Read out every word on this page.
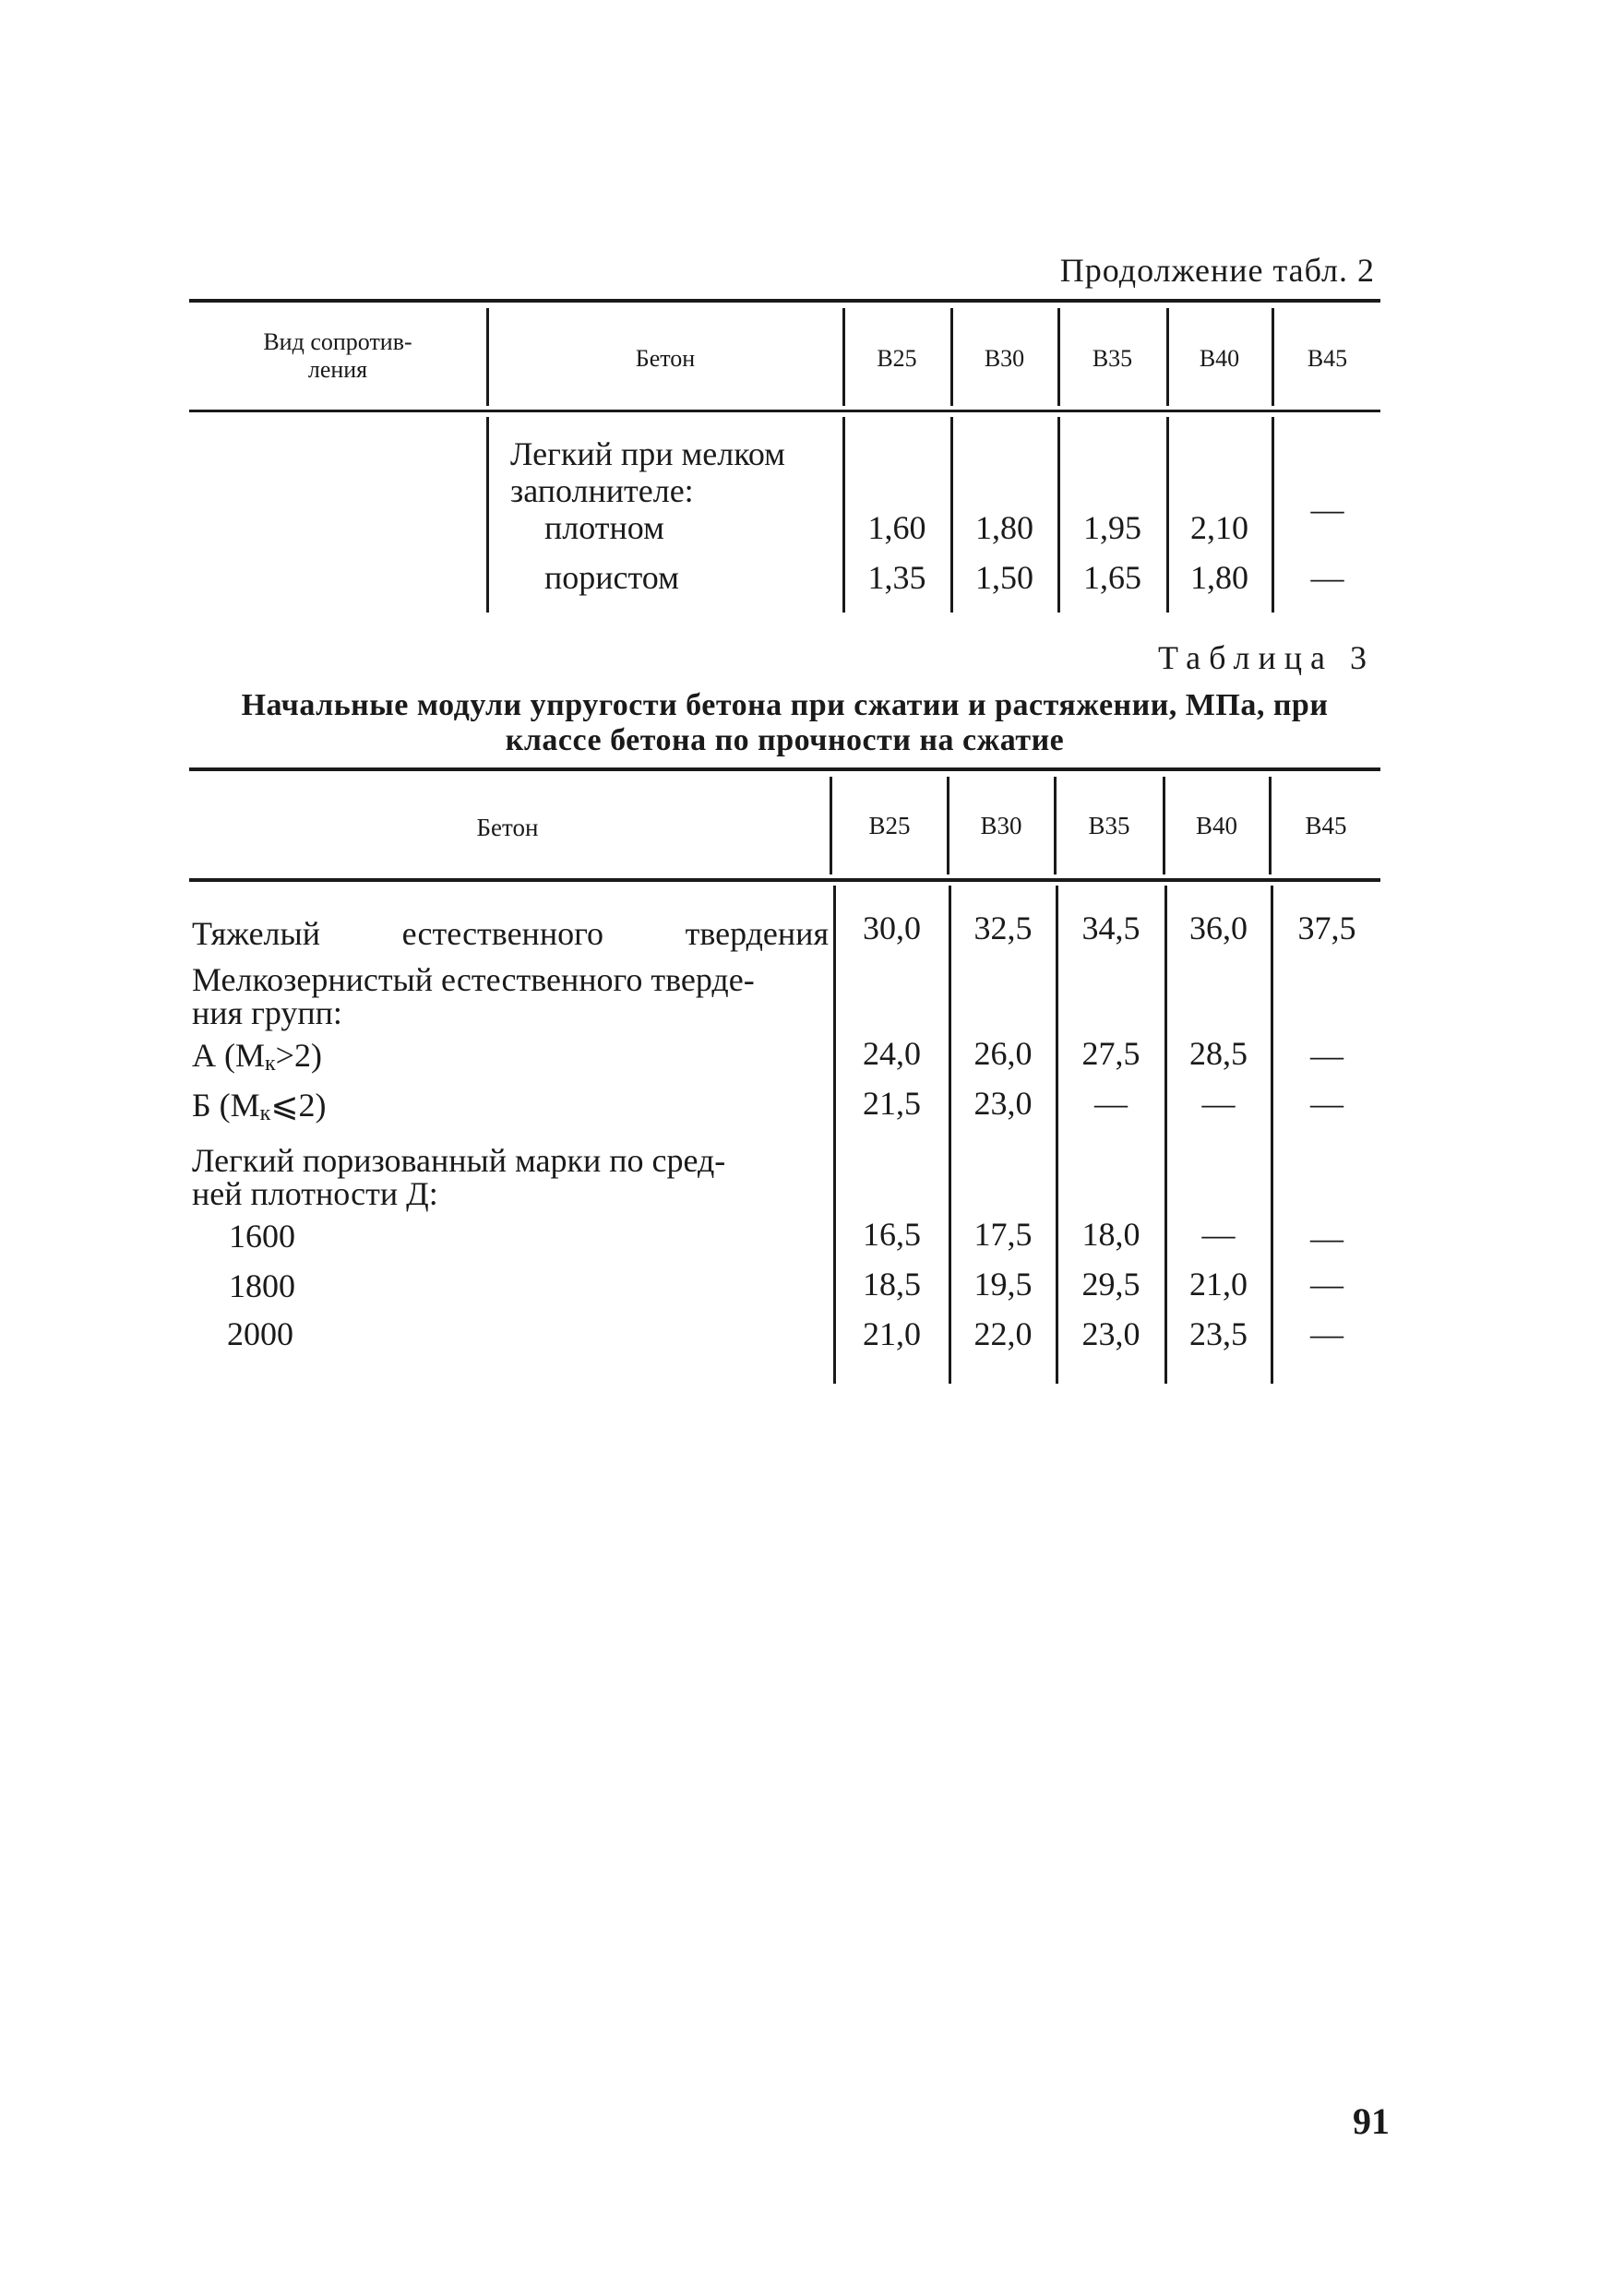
Продолжение табл. 2
Вид сопротив-
ления	Бетон	B25	B30	B35	B40	B45
Легкий при мелком заполнителе:
плотном	1,60	1,80	1,95	2,10	—
пористом	1,35	1,50	1,65	1,80	—
Таблица 3
Начальные модули упругости бетона при сжатии и растяжении, МПа, при классе бетона по прочности на сжатие
Бетон	B25	B30	B35	B40	B45
Тяжелый естественного твердения	30,0	32,5	34,5	36,0	37,5
Мелкозернистый естественного тверде-
ния групп:
А $(М_к>2)$	24,0	26,0	27,5	28,5	—
Б $(М_к⩽2)$	21,5	23,0	—	—	—
Легкий поризованный марки по сред-
ней плотности Д:
1600	16,5	17,5	18,0	—	—
1800	18,5	19,5	29,5	21,0	—
2000	21,0	22,0	23,0	23,5	—
91
